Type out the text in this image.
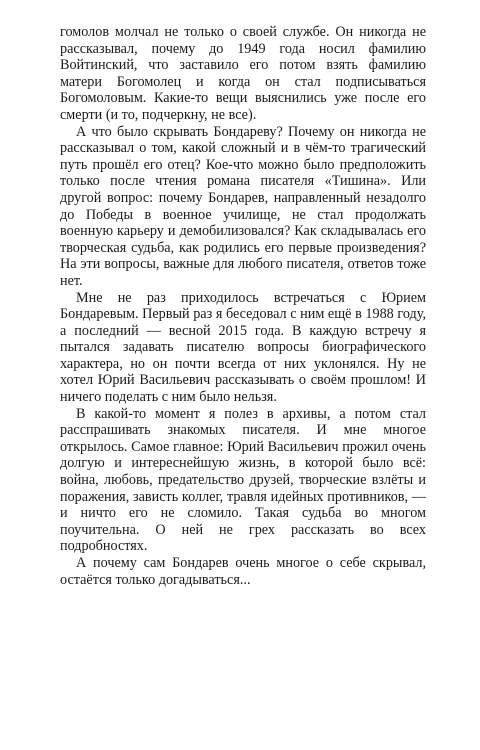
гомолов молчал не только о своей службе. Он никогда не рассказывал, почему до 1949 года носил фамилию Войтинский, что заставило его потом взять фамилию матери Богомолец и когда он стал подписываться Богомоловым. Какие-то вещи выяснились уже после его смерти (и то, подчеркну, не все).

А что было скрывать Бондареву? Почему он никогда не рассказывал о том, какой сложный и в чём-то трагический путь прошёл его отец? Кое-что можно было предположить только после чтения романа писателя «Тишина». Или другой вопрос: почему Бондарев, направленный незадолго до Победы в военное училище, не стал продолжать военную карьеру и демобилизовался? Как складывалась его творческая судьба, как родились его первые произведения? На эти вопросы, важные для любого писателя, ответов тоже нет.

Мне не раз приходилось встречаться с Юрием Бондаревым. Первый раз я беседовал с ним ещё в 1988 году, а последний — весной 2015 года. В каждую встречу я пытался задавать писателю вопросы биографического характера, но он почти всегда от них уклонялся. Ну не хотел Юрий Васильевич рассказывать о своём прошлом! И ничего поделать с ним было нельзя.

В какой-то момент я полез в архивы, а потом стал расспрашивать знакомых писателя. И мне многое открылось. Самое главное: Юрий Васильевич прожил очень долгую и интереснейшую жизнь, в которой было всё: война, любовь, предательство друзей, творческие взлёты и поражения, зависть коллег, травля идейных противников, — и ничто его не сломило. Такая судьба во многом поучительна. О ней не грех рассказать во всех подробностях.

А почему сам Бондарев очень многое о себе скрывал, остаётся только догадываться...
